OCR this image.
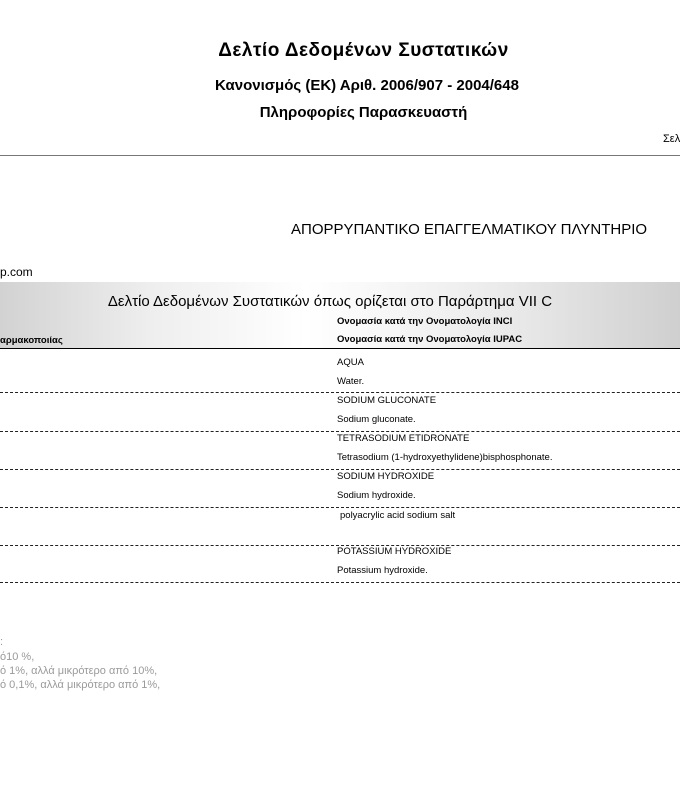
Δελτίο Δεδομένων Συστατικών
Κανονισμός (ΕΚ) Αριθ. 2006/907 - 2004/648
Πληροφορίες Παρασκευαστή
Σελ
ΑΠΟΡΡΥΠΑΝΤΙΚΟ ΕΠΑΓΓΕΛΜΑΤΙΚΟΥ ΠΛΥΝΤΗΡΙΟ
p.com
Δελτίο Δεδομένων Συστατικών όπως ορίζεται στο Παράρτημα VII C
Ονομασία κατά την Ονοματολογία INCI
αρμακοποιίας	Ονομασία κατά την Ονοματολογία IUPAC
AQUA
Water.
SODIUM GLUCONATE
Sodium gluconate.
TETRASODIUM ETIDRONATE
Tetrasodium (1-hydroxyethylidene)bisphosphonate.
SODIUM HYDROXIDE
Sodium hydroxide.
polyacrylic acid sodium salt
POTASSIUM HYDROXIDE
Potassium hydroxide.
:
ό10 %,
ό 1%, αλλά μικρότερο από 10%,
ό 0,1%, αλλά μικρότερο από 1%,
